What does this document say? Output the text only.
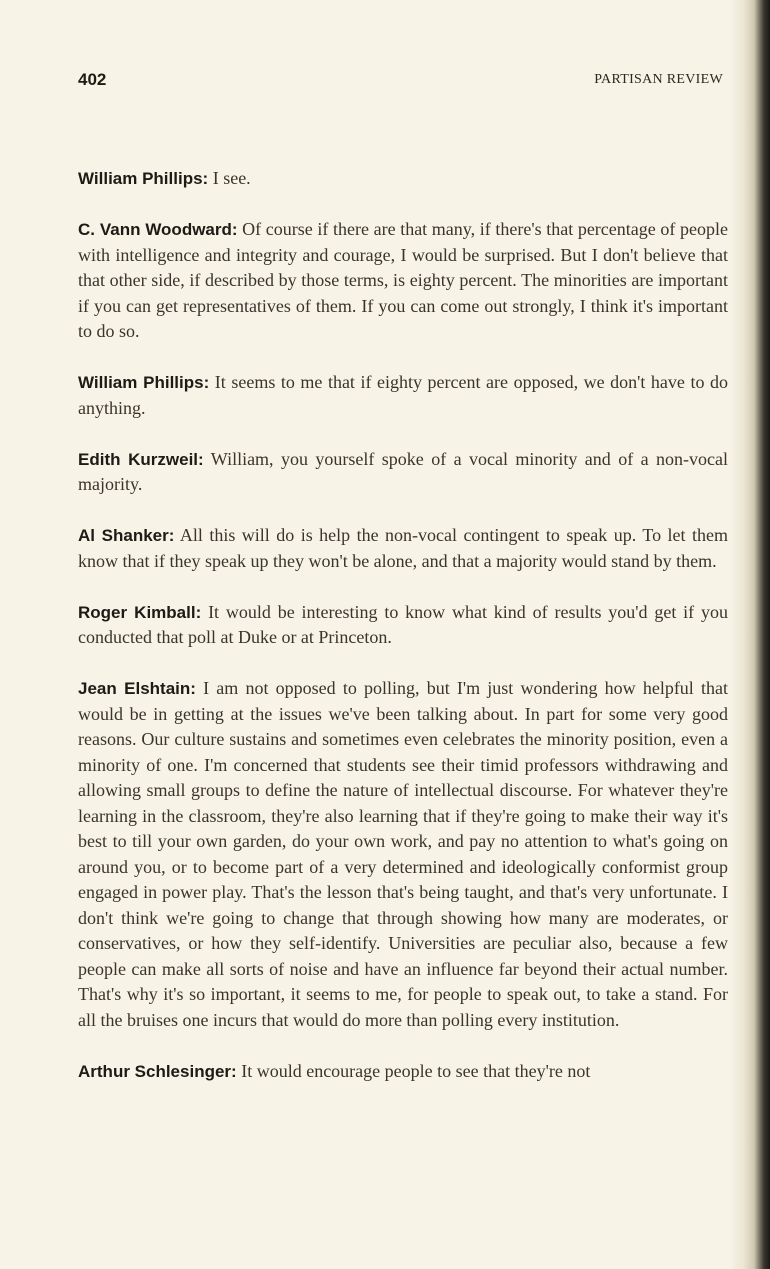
402	PARTISAN REVIEW

William Phillips: I see.

C. Vann Woodward: Of course if there are that many, if there's that percentage of people with intelligence and integrity and courage, I would be surprised. But I don't believe that that other side, if described by those terms, is eighty percent. The minorities are important if you can get representatives of them. If you can come out strongly, I think it's important to do so.

William Phillips: It seems to me that if eighty percent are opposed, we don't have to do anything.

Edith Kurzweil: William, you yourself spoke of a vocal minority and of a non-vocal majority.

Al Shanker: All this will do is help the non-vocal contingent to speak up. To let them know that if they speak up they won't be alone, and that a majority would stand by them.

Roger Kimball: It would be interesting to know what kind of results you'd get if you conducted that poll at Duke or at Princeton.

Jean Elshtain: I am not opposed to polling, but I'm just wondering how helpful that would be in getting at the issues we've been talking about. In part for some very good reasons. Our culture sustains and sometimes even celebrates the minority position, even a minority of one. I'm concerned that students see their timid professors withdrawing and allowing small groups to define the nature of intellectual discourse. For whatever they're learning in the classroom, they're also learning that if they're going to make their way it's best to till your own garden, do your own work, and pay no attention to what's going on around you, or to become part of a very determined and ideologically conformist group engaged in power play. That's the lesson that's being taught, and that's very unfortunate. I don't think we're going to change that through showing how many are moderates, or conservatives, or how they self-identify. Universities are peculiar also, because a few people can make all sorts of noise and have an influence far beyond their actual number. That's why it's so important, it seems to me, for people to speak out, to take a stand. For all the bruises one incurs that would do more than polling every institution.

Arthur Schlesinger: It would encourage people to see that they're not
